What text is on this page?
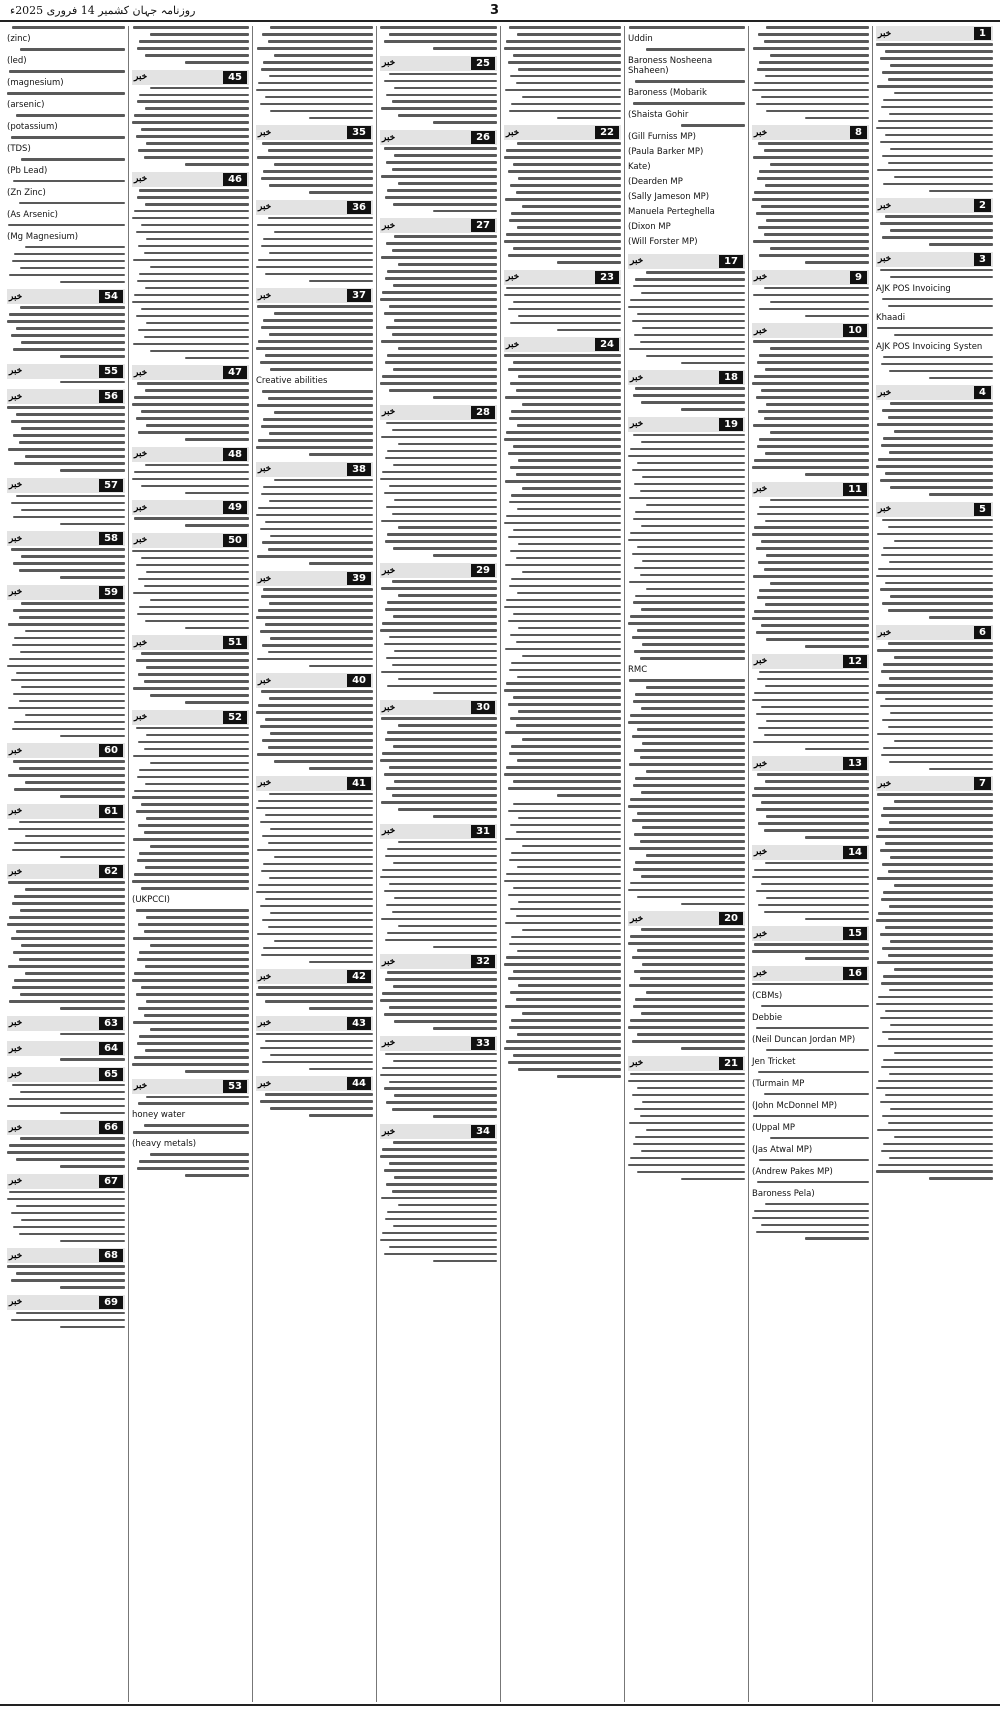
روزنامہ جہان کشمیر 14 فروری 2025ء	3
خبر	1
خبر	2
خبر	3
AJK POS Invoicing
Khaadi
AJK POS Invoicing Systen
خبر	4
خبر	5
خبر	6
خبر	7
خبر	8
خبر	9
خبر	10
خبر	11
خبر	12
خبر	13
خبر	14
خبر	15
خبر	16
(CBMs)
Debbie
(Neil Duncan Jordan MP)
Jen Tricket
(Turmain MP
(John McDonnel MP)
(Uppal MP
(Jas Atwal MP)
(Andrew Pakes MP)
Baroness Pela)
Uddin
Baroness Nosheena Shaheen)
Baroness (Mobarik
(Shaista Gohir
(Gill Furniss MP)
(Paula Barker MP)
Kate)
(Dearden MP
(Sally Jameson MP)
Manuela Perteghella
(Dixon MP
(Will Forster MP)
خبر	17
خبر	18
خبر	19
RMC
خبر	20
خبر	21
خبر	22
خبر	23
خبر	24
خبر	25
خبر	26
خبر	27
خبر	28
خبر	29
خبر	30
خبر	31
خبر	32
خبر	33
خبر	34
خبر	35
خبر	36
خبر	37
Creative abilities
خبر	38
خبر	39
خبر	40
خبر	41
خبر	42
خبر	43
خبر	44
خبر	45
خبر	46
خبر	47
خبر	48
خبر	49
خبر	50
خبر	51
خبر	52
(UKPCCI)
خبر	53
honey water
(heavy metals)
(zinc)
(led)
(magnesium)
(arsenic)
(potassium)
(TDS)
(Pb Lead)
(Zn Zinc)
(As Arsenic)
(Mg Magnesium)
خبر	54
خبر	55
خبر	56
خبر	57
خبر	58
خبر	59
خبر	60
خبر	61
خبر	62
خبر	63
خبر	64
خبر	65
خبر	66
خبر	67
خبر	68
خبر	69
